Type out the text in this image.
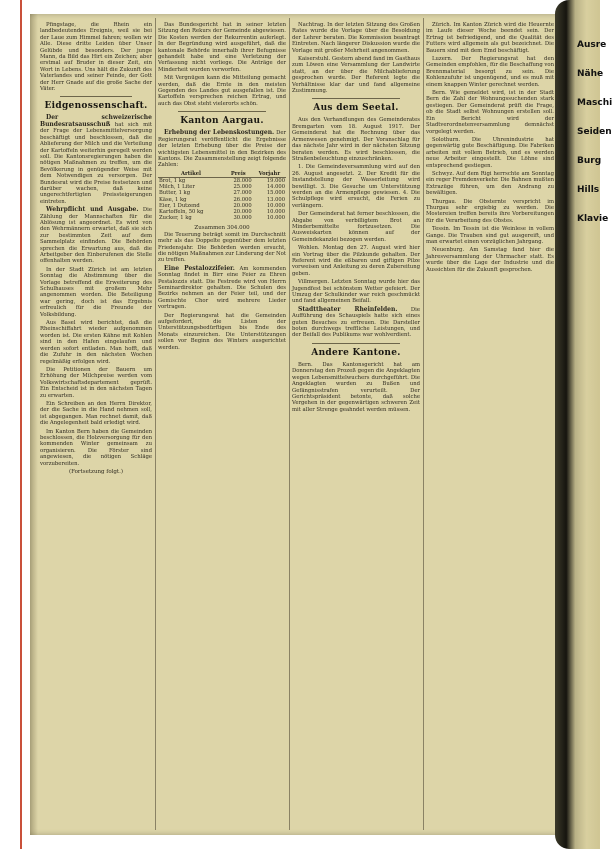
Pfingstage, die Rhein ein landbedeutendes Ereignis, weil sie bei der Laue zum Himmel fahren; wollen wir Alle. Diese dritte Leiden über Unser Gelübde und besonders. Der junge Mann, da Bild das Hirt ein Zeichen; aber erstmal auf Bruder in dieser Zeit, ein Wort in Lebens. Uns hält die Zukunft des Vaterlandes und seiner Feinde, der Gott der Herr Gnade auf die große Sache der Väter.

Eidgenossenschaft.

Der schweizerische Bundesratsausschuß hat sich mit der Frage der Lebensmittelversorgung beschäftigt und beschlossen, daß die Ablieferung der Milch und die Verteilung der Kartoffeln weiterhin geregelt werden soll. Die Kantonsregierungen haben die nötigen Maßnahmen zu treffen, um die Bevölkerung in genügender Weise mit dem Notwendigen zu versorgen. Der Bundesrat wird die Preise festsetzen und darüber wachen, daß keine ungerechtfertigten Preissteigerungen eintreten.

Wehrpflicht und Ausgabe. Die Zählung der Mannschaften für die Ablösung ist angeordnet. Es wird von den Wehrmännern erwartet, daß sie sich zur bestimmten Zeit auf dem Sammelplatz einfinden. Die Behörden sprechen die Erwartung aus, daß die Arbeitgeber den Einberufenen die Stelle offenhalten werden.

In der Stadt Zürich ist am letzten Sonntag die Abstimmung über die Vorlage betreffend die Erweiterung des Schulhauses mit großem Mehr angenommen worden. Die Beteiligung war gering, doch ist das Ergebnis erfreulich für die Freunde der Volksbildung.

Aus Basel wird berichtet, daß die Rheinschiffahrt wieder aufgenommen worden ist. Die ersten Kähne mit Kohlen sind in den Hafen eingelaufen und werden sofort entladen. Man hofft, daß die Zufuhr in den nächsten Wochen regelmäßig erfolgen wird.

Die Petitionen der Bauern um Erhöhung der Milchpreise werden vom Volkswirtschaftsdepartement geprüft. Ein Entscheid ist in den nächsten Tagen zu erwarten.

Ein Schreiben an den Herrn Direktor, der die Sache in die Hand nehmen soll, ist abgegangen. Man rechnet damit, daß die Angelegenheit bald erledigt wird.

Im Kanton Bern haben die Gemeinden beschlossen, die Holzversorgung für den kommenden Winter gemeinsam zu organisieren. Die Förster sind angewiesen, die nötigen Schläge vorzubereiten.

(Fortsetzung folgt.)

Das Bundesgericht hat in seiner letzten Sitzung den Rekurs der Gemeinde abgewiesen. Die Kosten werden der Rekurrentin auferlegt. In der Begründung wird ausgeführt, daß die kantonale Behörde innerhalb ihrer Befugnisse gehandelt habe und eine Verletzung der Verfassung nicht vorliege. Die Anträge der Minderheit wurden verworfen.

Mit Vergnügen kann die Mitteilung gemacht werden, daß die Ernte in den meisten Gegenden des Landes gut ausgefallen ist. Die Kartoffeln versprechen reichen Ertrag, und auch das Obst steht vielerorts schön.

Kanton Aargau.

Erhebung der Lebenskostungen. Der Regierungsrat veröffentlicht die Ergebnisse der letzten Erhebung über die Preise der wichtigsten Lebensmittel in den Bezirken des Kantons. Die Zusammenstellung zeigt folgende Zahlen:

Artikel	Preis	Vorjahr
Brot, 1 kg	28.000	19.000
Milch, 1 Liter	25.000	14.000
Butter, 1 kg	27.000	15.000
Käse, 1 kg	26.000	13.000
Eier, 1 Dutzend	20.000	10.000
Kartoffeln, 50 kg	20.000	10.000
Zucker, 1 kg	30.000	10.000
Zusammen 304.000

Die Teuerung beträgt somit im Durchschnitt mehr als das Doppelte gegenüber dem letzten Friedensjahr. Die Behörden werden ersucht, die nötigen Maßnahmen zur Linderung der Not zu treffen.

Eine Pestalozzifeier. Am kommenden Sonntag findet in Birr eine Feier zu Ehren Pestalozzis statt. Die Festrede wird von Herrn Seminardirektor gehalten. Die Schulen des Bezirks nehmen an der Feier teil, und der Gemischte Chor wird mehrere Lieder vortragen.

Der Regierungsrat hat die Gemeinden aufgefordert, die Listen der Unterstützungsbedürftigen bis Ende des Monats einzureichen. Die Unterstützungen sollen vor Beginn des Winters ausgerichtet werden.

Nachtrag. In der letzten Sitzung des Großen Rates wurde die Vorlage über die Besoldung der Lehrer beraten. Die Kommission beantragt Eintreten. Nach längerer Diskussion wurde die Vorlage mit großer Mehrheit angenommen.

Kaiserstuhl. Gestern abend fand im Gasthaus zum Löwen eine Versammlung der Landwirte statt, an der über die Milchablieferung gesprochen wurde. Der Referent legte die Verhältnisse klar dar und fand allgemeine Zustimmung.

Aus dem Seetal.

Aus den Verhandlungen des Gemeinderates Bremgarten vom 18. August 1917. Der Gemeinderat hat die Rechnung über das Armenwesen genehmigt. Der Voranschlag für das nächste Jahr wird in der nächsten Sitzung beraten werden. Es wird beschlossen, die Straßenbeleuchtung einzuschränken.

1. Die Gemeindeversammlung wird auf den 26. August angesetzt. 2. Der Kredit für die Instandstellung der Wasserleitung wird bewilligt. 3. Die Gesuche um Unterstützung werden an die Armenpflege gewiesen. 4. Die Schulpflege wird ersucht, die Ferien zu verlängern.

Der Gemeinderat hat ferner beschlossen, die Abgabe von verbilligtem Brot an Minderbemittelte fortzusetzen. Die Ausweiskarten können auf der Gemeindekanzlei bezogen werden.

Wohlen. Montag den 27. August wird hier ein Vortrag über die Pilzkunde gehalten. Der Referent wird die eßbaren und giftigen Pilze vorweisen und Anleitung zu deren Zubereitung geben.

Villmergen. Letzten Sonntag wurde hier das Jugendfest bei schönstem Wetter gefeiert. Der Umzug der Schulkinder war reich geschmückt und fand allgemeinen Beifall.

Stadttheater Rheinfelden.	Die Aufführung des Schauspiels hatte sich eines guten Besuches zu erfreuen. Die Darsteller boten durchwegs treffliche Leistungen, und der Beifall des Publikums war wohlverdient.

Andere Kantone.

Bern. Das Kantonsgericht hat am Donnerstag den Prozeß gegen die Angeklagten wegen Lebensmittelwuchers durchgeführt. Die Angeklagten wurden zu Bußen und Gefängnisstrafen verurteilt. Der Gerichtspräsident betonte, daß solche Vergehen in der gegenwärtigen schweren Zeit mit aller Strenge geahndet werden müssen.

Zürich. Im Kanton Zürich wird die Heuernte im Laufe dieser Woche beendet sein. Der Ertrag ist befriedigend, und die Qualität des Futters wird allgemein als gut bezeichnet. Die Bauern sind mit dem Emd beschäftigt.

Luzern. Der Regierungsrat hat den Gemeinden empfohlen, für die Beschaffung von Brennmaterial besorgt zu sein. Die Kohlenzufuhr ist ungenügend, und es muß mit einem knappen Winter gerechnet werden.

Bern. Wie gemeldet wird, ist in der Stadt Bern die Zahl der Wohnungssuchenden stark gestiegen. Der Gemeinderat prüft die Frage, ob die Stadt selbst Wohnungen erstellen soll. Ein Bericht wird der Stadtverordnetenversammlung demnächst vorgelegt werden.

Solothurn. Die Uhrenindustrie hat gegenwärtig gute Beschäftigung. Die Fabriken arbeiten mit vollem Betrieb, und es werden neue Arbeiter eingestellt. Die Löhne sind entsprechend gestiegen.

Schwyz. Auf dem Rigi herrschte am Sonntag ein reger Fremdenverkehr. Die Bahnen mußten Extrazüge führen, um den Andrang zu bewältigen.

Thurgau. Die Obsternte verspricht im Thurgau sehr ergiebig zu werden. Die Mostereien treffen bereits ihre Vorbereitungen für die Verarbeitung des Obstes.

Tessin. Im Tessin ist die Weinlese in vollem Gange. Die Trauben sind gut ausgereift, und man erwartet einen vorzüglichen Jahrgang.

Neuenburg. Am Samstag fand hier die Jahresversammlung der Uhrmacher statt. Es wurde über die Lage der Industrie und die Aussichten für die Zukunft gesprochen.

Ausre
Nähe
Maschi
Seiden
Burg
Hills
Klavie
